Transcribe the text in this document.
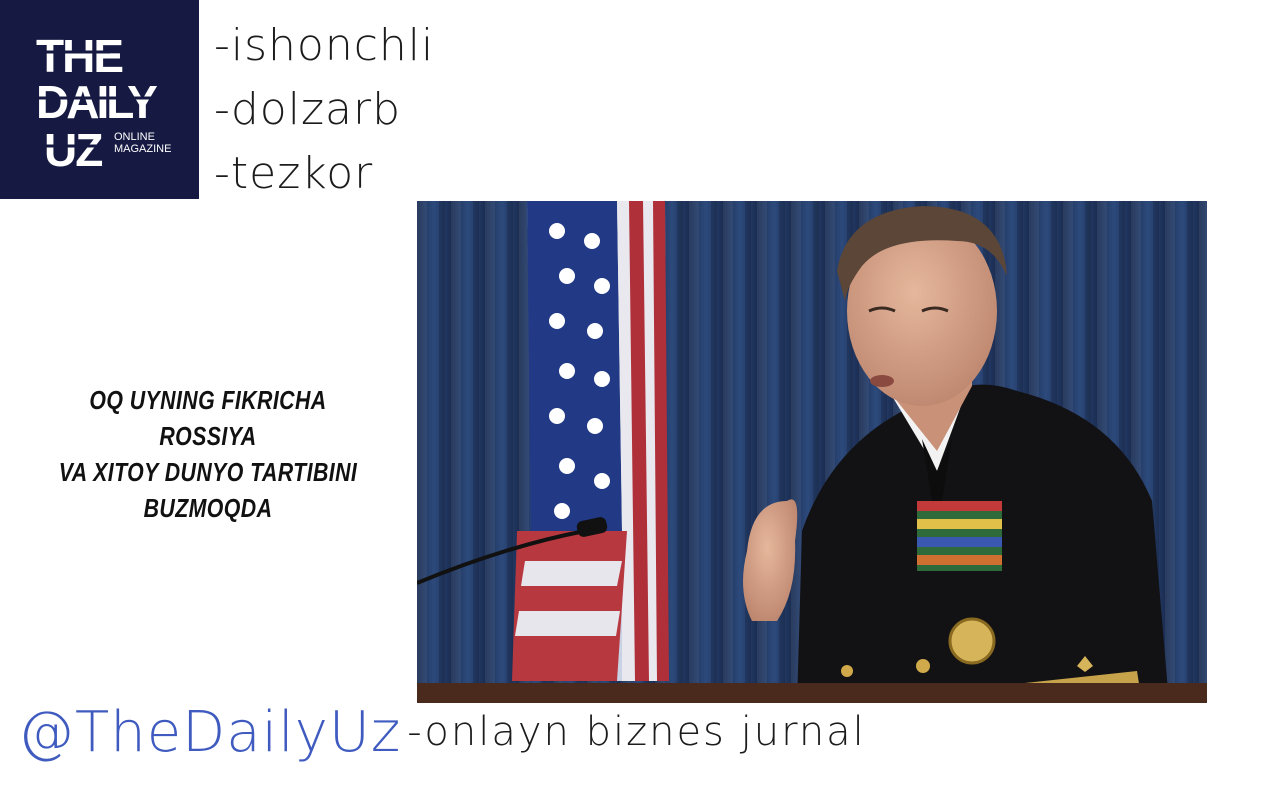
THE
DAILY
UZ ONLINE
MAGAZINE
-ishonchli
-dolzarb
-tezkor
OQ UYNING FIKRICHA ROSSIYA
VA XITOY DUNYO TARTIBINI
BUZMOQDA
@TheDailyUz -onlayn biznes jurnal
